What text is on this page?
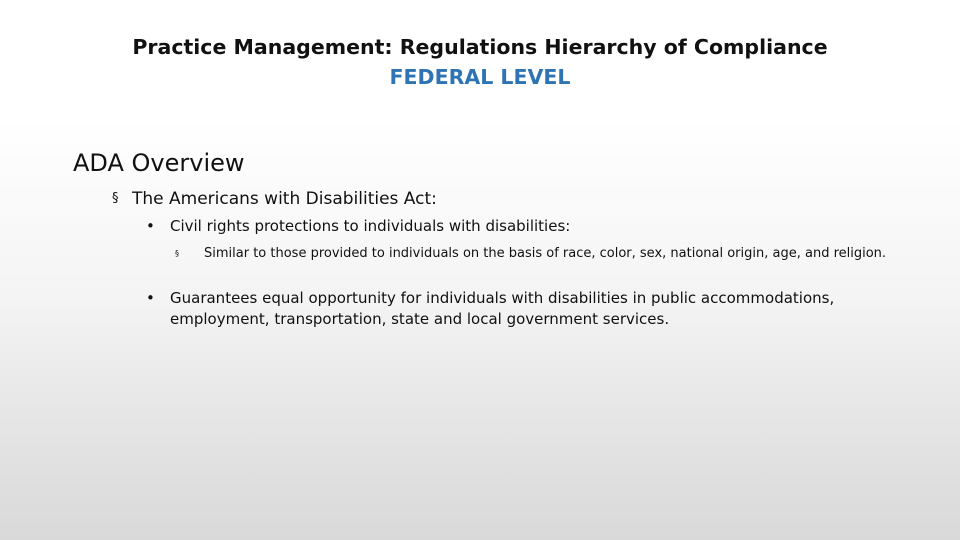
Practice Management: Regulations Hierarchy of Compliance
FEDERAL LEVEL
ADA Overview
§ The Americans with Disabilities Act:
•	Civil rights protections to individuals with disabilities:
§	Similar to those provided to individuals on the basis of race, color, sex, national origin, age, and religion.
•	Guarantees equal opportunity for individuals with disabilities in public accommodations, employment, transportation, state and local government services.
